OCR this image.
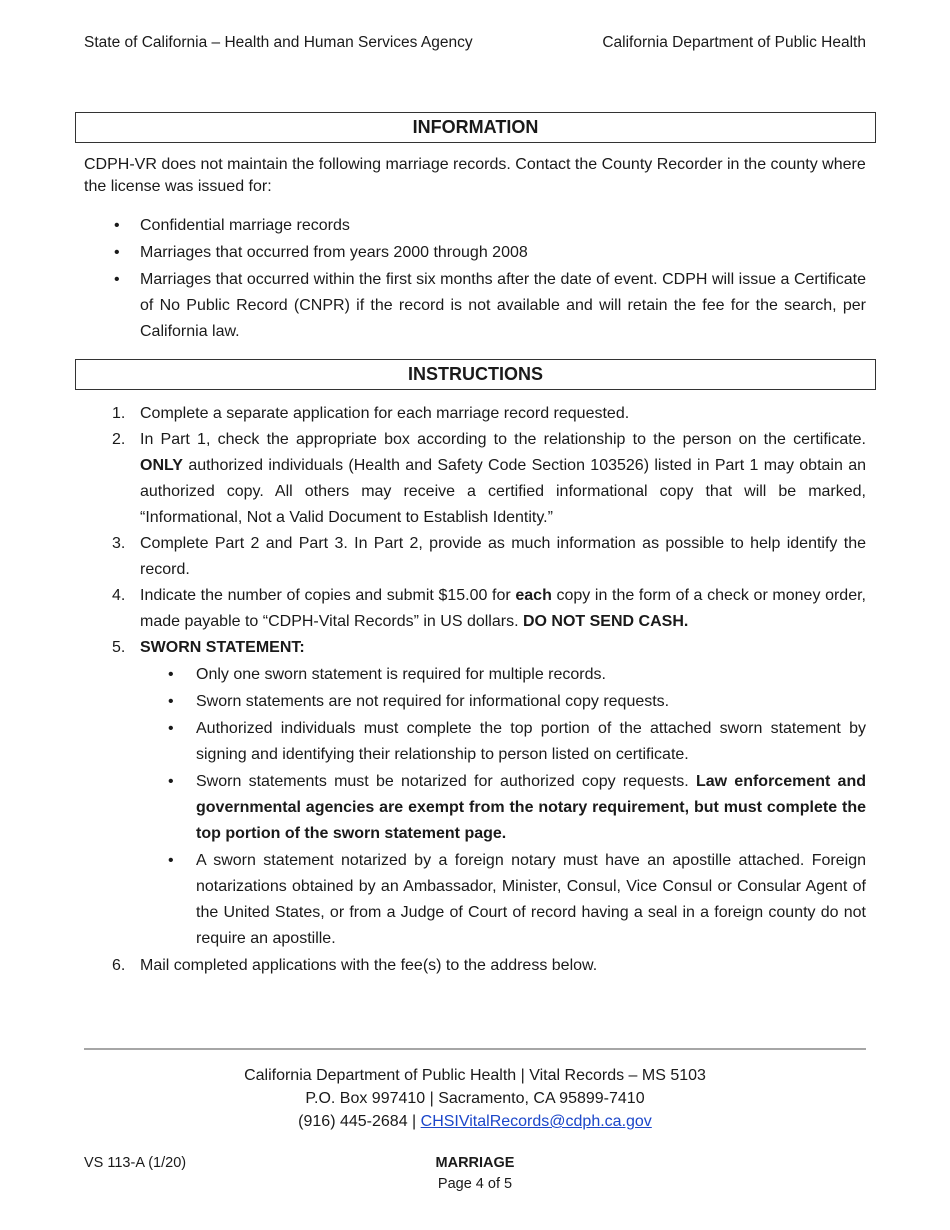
State of California – Health and Human Services Agency	California Department of Public Health
INFORMATION
CDPH-VR does not maintain the following marriage records. Contact the County Recorder in the county where the license was issued for:
• Confidential marriage records
• Marriages that occurred from years 2000 through 2008
• Marriages that occurred within the first six months after the date of event. CDPH will issue a Certificate of No Public Record (CNPR) if the record is not available and will retain the fee for the search, per California law.
INSTRUCTIONS
1. Complete a separate application for each marriage record requested.
2. In Part 1, check the appropriate box according to the relationship to the person on the certificate. ONLY authorized individuals (Health and Safety Code Section 103526) listed in Part 1 may obtain an authorized copy. All others may receive a certified informational copy that will be marked, “Informational, Not a Valid Document to Establish Identity.”
3. Complete Part 2 and Part 3. In Part 2, provide as much information as possible to help identify the record.
4. Indicate the number of copies and submit $15.00 for each copy in the form of a check or money order, made payable to “CDPH-Vital Records” in US dollars. DO NOT SEND CASH.
5. SWORN STATEMENT:
• Only one sworn statement is required for multiple records.
• Sworn statements are not required for informational copy requests.
• Authorized individuals must complete the top portion of the attached sworn statement by signing and identifying their relationship to person listed on certificate.
• Sworn statements must be notarized for authorized copy requests. Law enforcement and governmental agencies are exempt from the notary requirement, but must complete the top portion of the sworn statement page.
• A sworn statement notarized by a foreign notary must have an apostille attached. Foreign notarizations obtained by an Ambassador, Minister, Consul, Vice Consul or Consular Agent of the United States, or from a Judge of Court of record having a seal in a foreign county do not require an apostille.
6. Mail completed applications with the fee(s) to the address below.
California Department of Public Health | Vital Records – MS 5103
P.O. Box 997410 | Sacramento, CA 95899-7410
(916) 445-2684 | CHSIVitalRecords@cdph.ca.gov
VS 113-A (1/20)	MARRIAGE
Page 4 of 5
